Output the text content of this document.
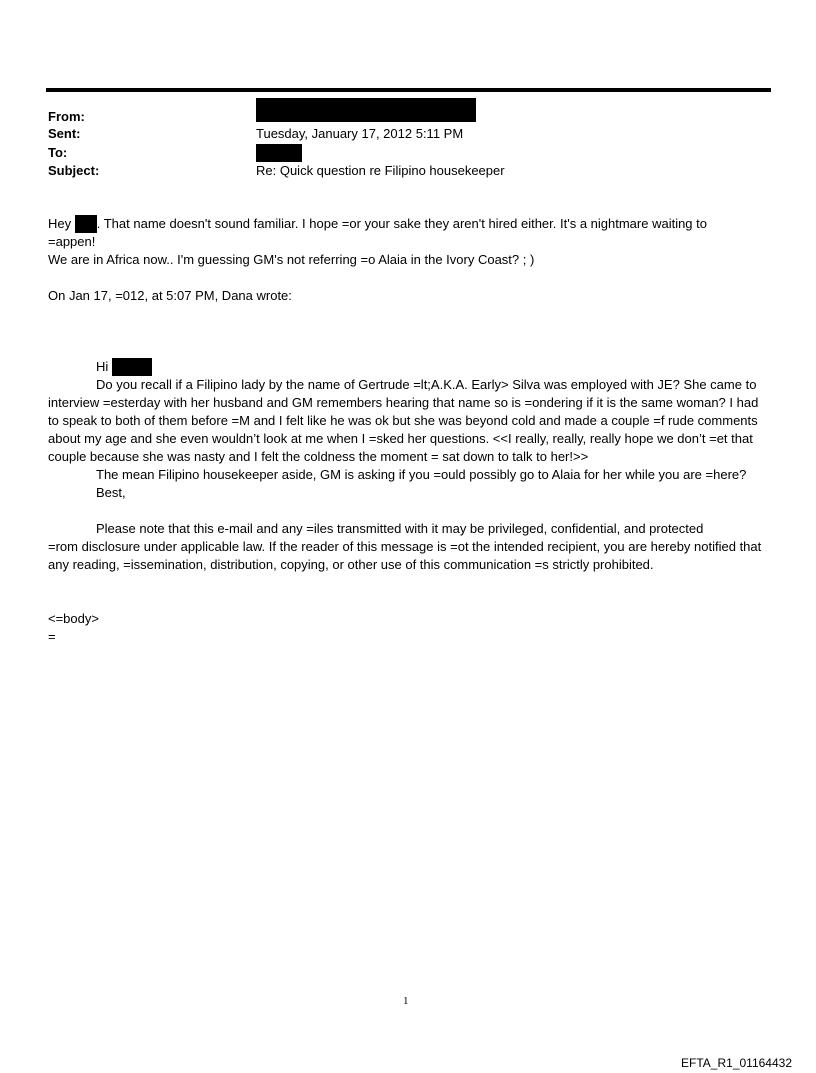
From:
Sent:	Tuesday, January 17, 2012 5:11 PM
To:
Subject:	Re: Quick question re Filipino housekeeper
Hey . That name doesn't sound familiar. I hope =or your sake they aren't hired either. It's a nightmare waiting to
=appen!
We are in Africa now.. I'm guessing GM's not referring =o Alaia in the Ivory Coast? ; )
On Jan 17, =012, at 5:07 PM, Dana wrote:
Hi
Do you recall if a Filipino lady by the name of Gertrude =lt;A.K.A. Early> Silva was employed with JE? She came to
interview =esterday with her husband and GM remembers hearing that name so is =ondering if it is the same woman? I had to speak to both of them before =M and I felt like he was ok but she was beyond cold and made a couple =f rude comments about my age and she even wouldn’t look at me when I =sked her questions. <<I really, really, really hope we don’t =et that couple because she was nasty and I felt the coldness the moment = sat down to talk to her!>>
The mean Filipino housekeeper aside, GM is asking if you =ould possibly go to Alaia for her while you are =here?
Best,
Please note that this e-mail and any =iles transmitted with it may be privileged, confidential, and protected
=rom disclosure under applicable law. If the reader of this message is =ot the intended recipient, you are hereby notified that any reading, =issemination, distribution, copying, or other use of this communication =s strictly prohibited.
<=body>
=
1
EFTA_R1_01164432
